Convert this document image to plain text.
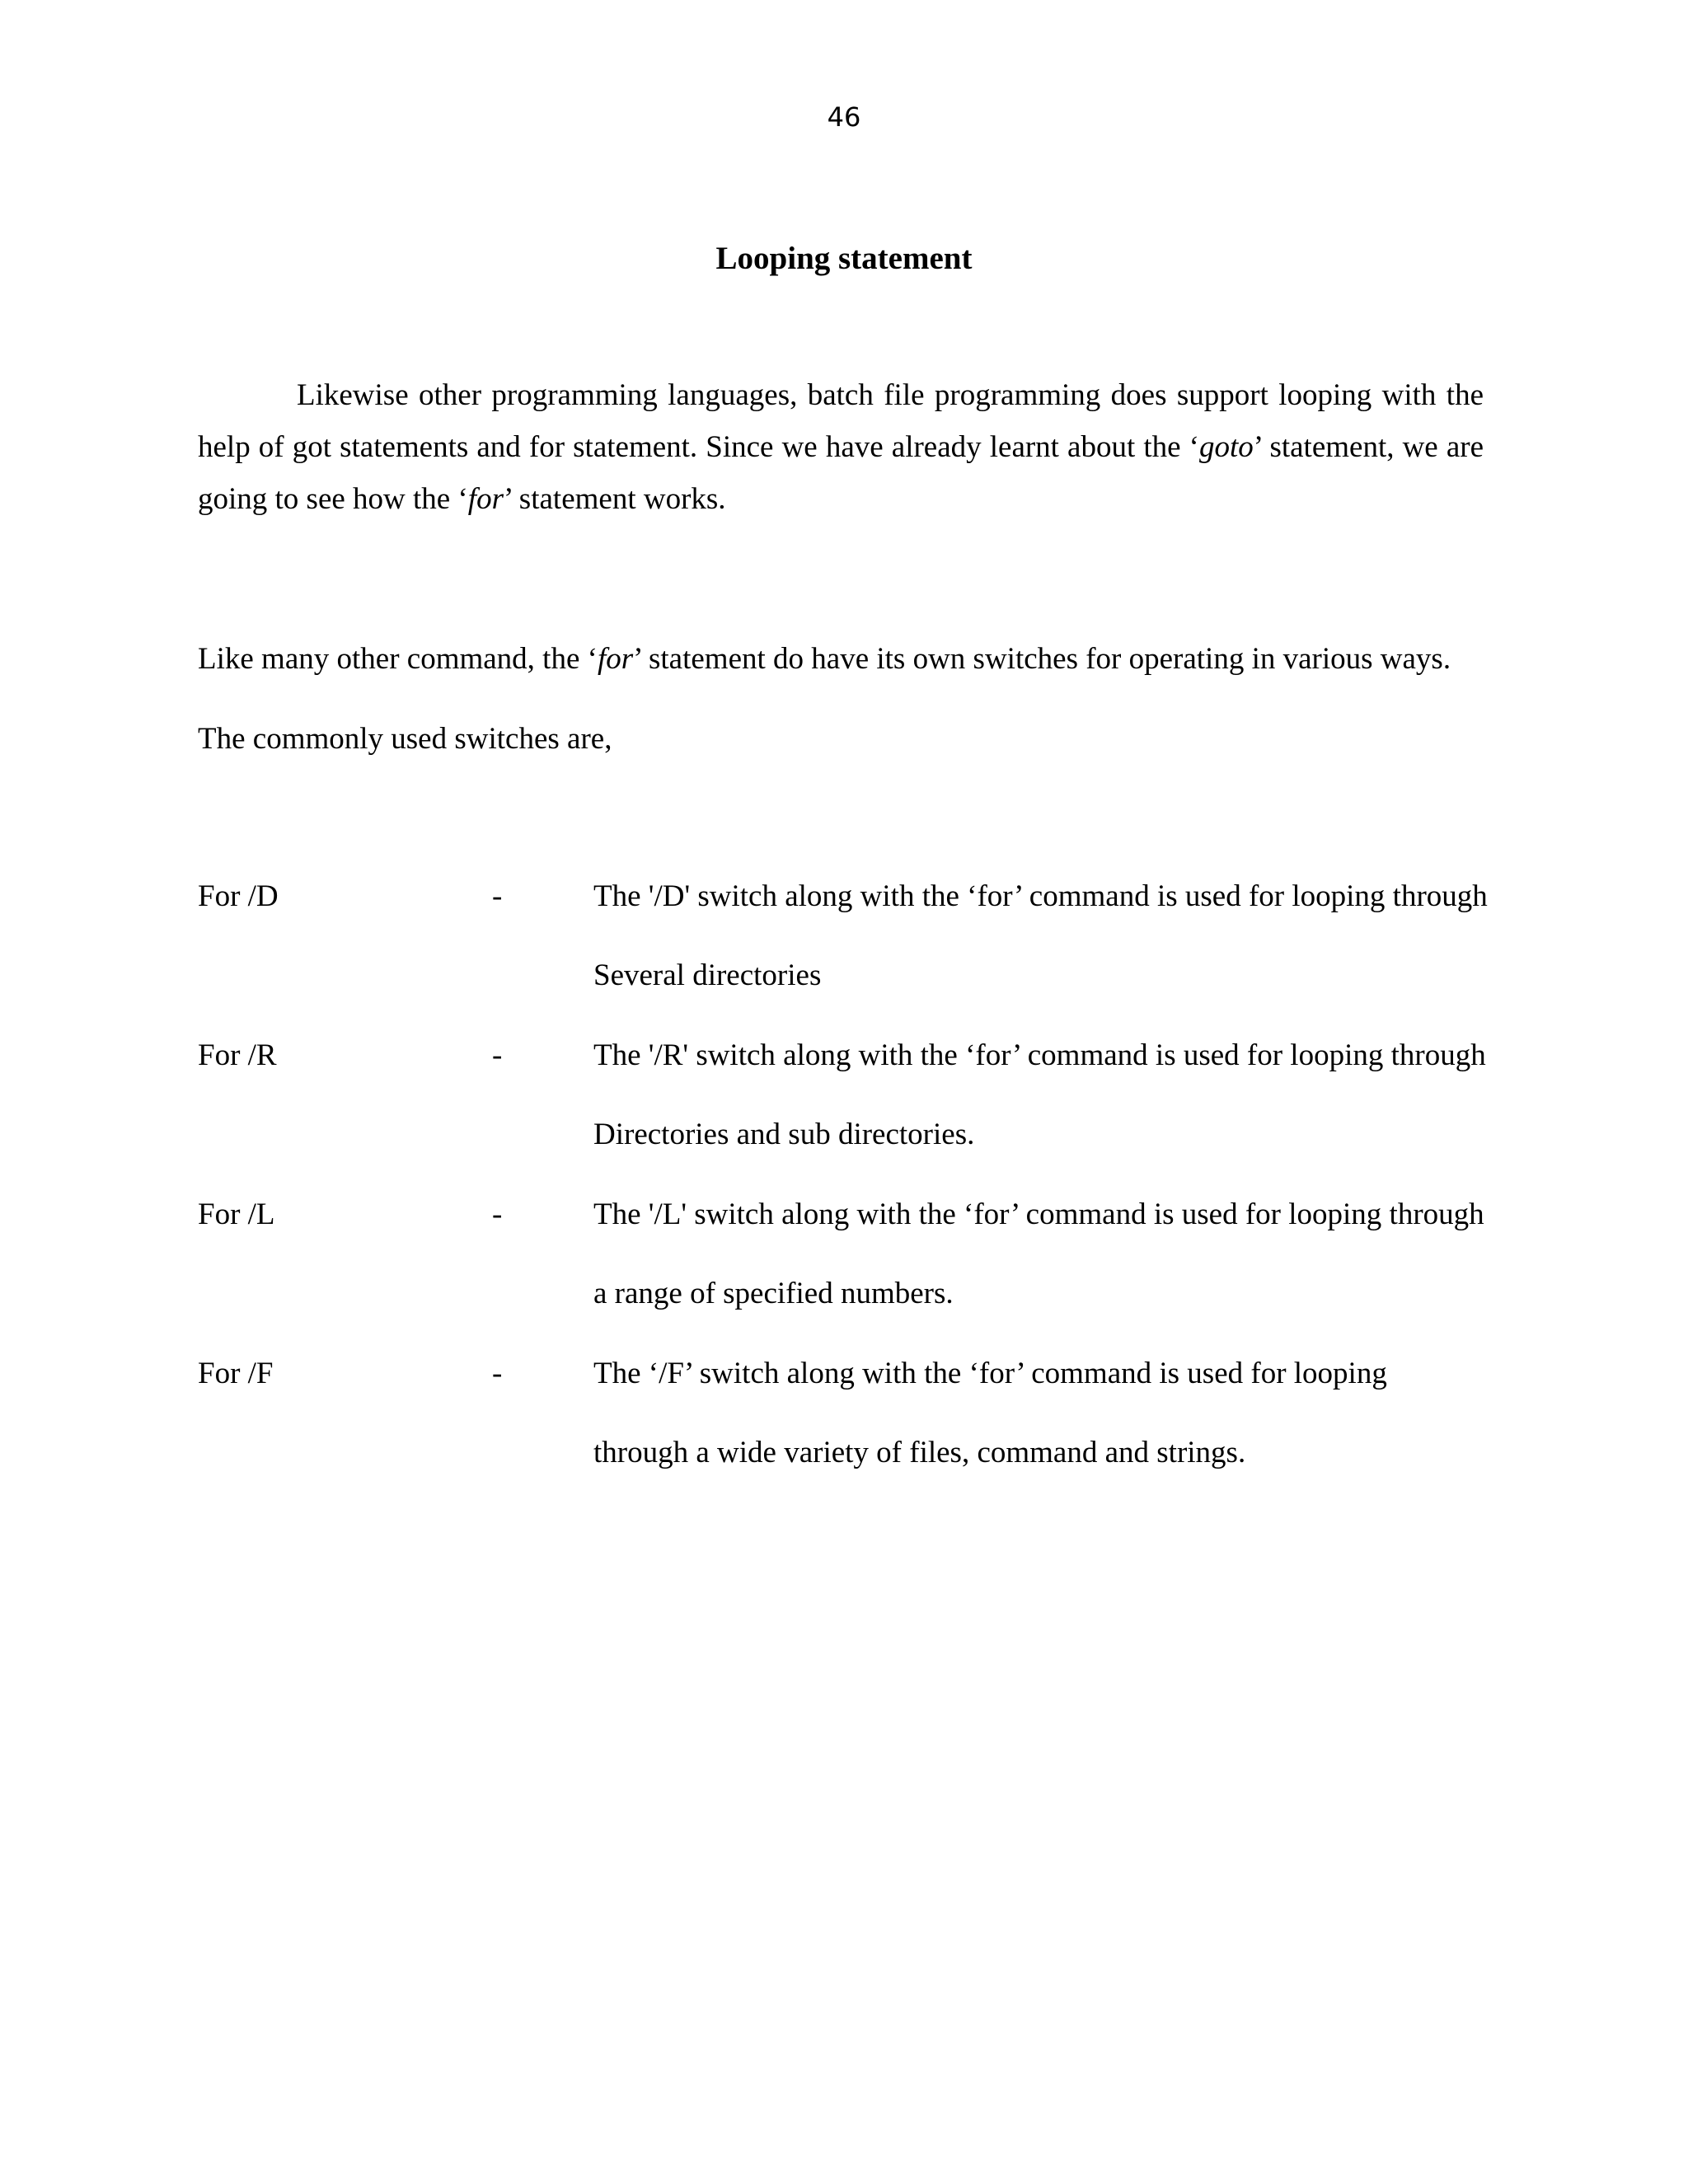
46
Looping statement

Likewise other programming languages, batch file programming does support looping with the help of got statements and for statement. Since we have already learnt about the ‘goto’ statement, we are going to see how the ‘for’ statement works.

Like many other command, the ‘for’ statement do have its own switches for operating in various ways.

The commonly used switches are,

For /D	-	The '/D' switch along with the ‘for’ command is used for looping through
Several directories
For /R	-	The '/R' switch along with the ‘for’ command is used for looping through
Directories and sub directories.
For /L	-	The '/L' switch along with the ‘for’ command is used for looping through
a range of specified numbers.
For /F	-	The ‘/F’ switch along with the ‘for’ command is used for looping
through a wide variety of files, command and strings.
